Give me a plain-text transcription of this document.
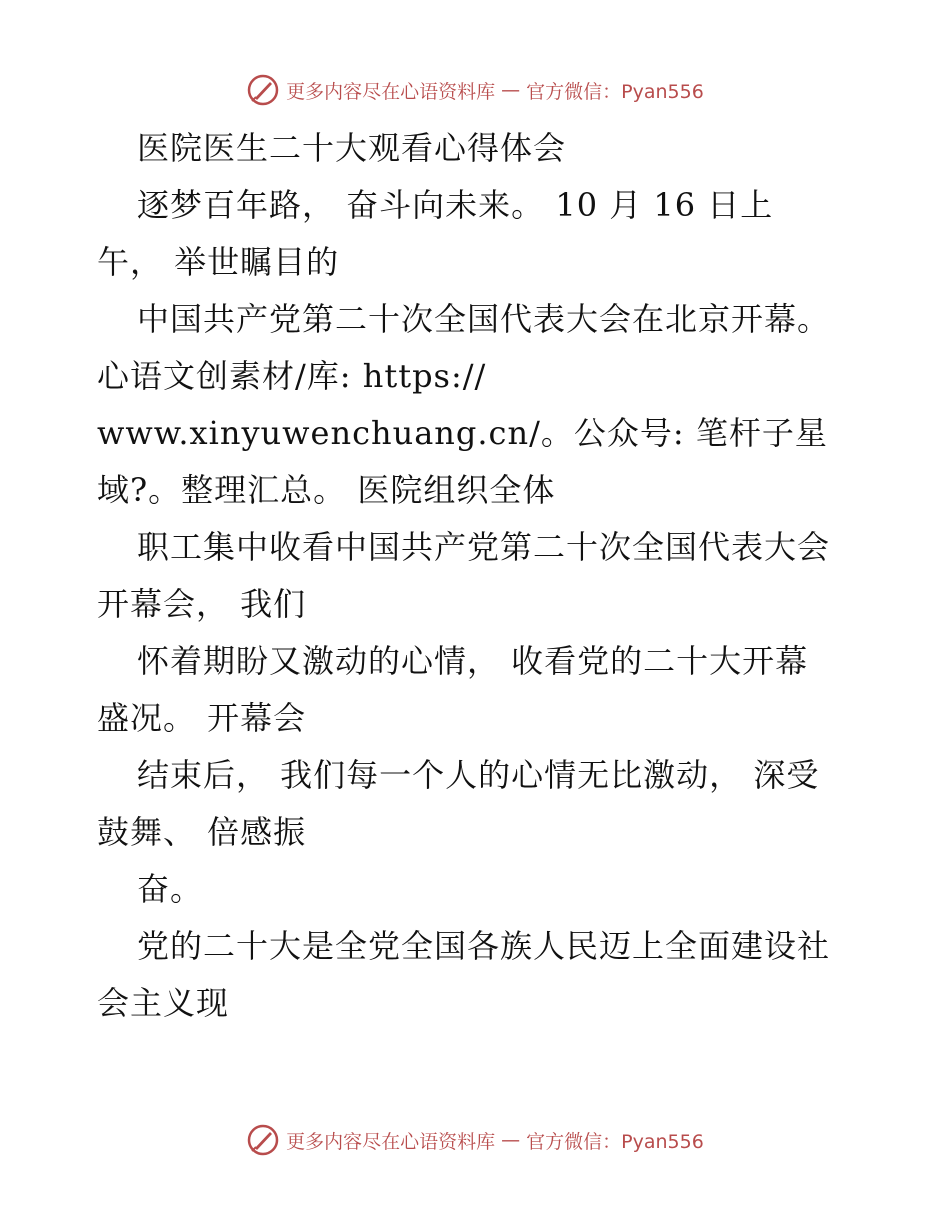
更多内容尽在心语资料库 — 官方微信：Pyan556
医院医生二十大观看心得体会
逐梦百年路， 奋斗向未来。 10 月 16 日上
午， 举世瞩目的
中国共产党第二十次全国代表大会在北京开幕。
心语文创素材/库: https://
www.xinyuwenchuang.cn/。公众号: 笔杆子星
域?。整理汇总。 医院组织全体
职工集中收看中国共产党第二十次全国代表大会
开幕会， 我们
怀着期盼又激动的心情， 收看党的二十大开幕
盛况。 开幕会
结束后， 我们每一个人的心情无比激动， 深受
鼓舞、 倍感振
奋。
党的二十大是全党全国各族人民迈上全面建设社
会主义现
更多内容尽在心语资料库 — 官方微信：Pyan556
